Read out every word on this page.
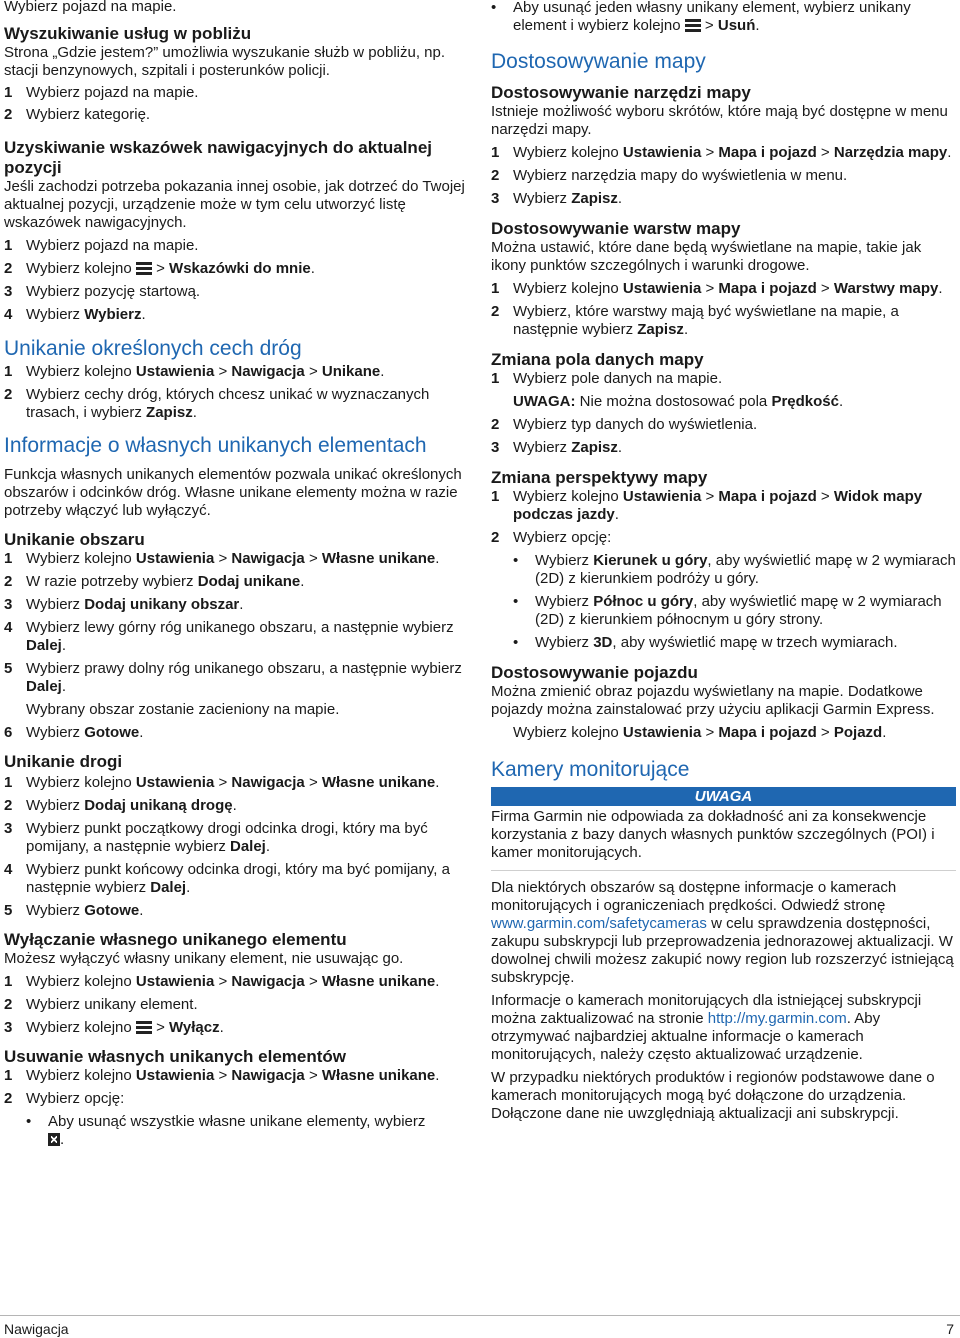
Wybierz pojazd na mapie.
Wyszukiwanie usług w pobliżu
Strona „Gdzie jestem?” umożliwia wyszukanie służb w pobliżu, np. stacji benzynowych, szpitali i posterunków policji.
1 Wybierz pojazd na mapie.
2 Wybierz kategorię.
Uzyskiwanie wskazówek nawigacyjnych do aktualnej pozycji
Jeśli zachodzi potrzeba pokazania innej osobie, jak dotrzeć do Twojej aktualnej pozycji, urządzenie może w tym celu utworzyć listę wskazówek nawigacyjnych.
1 Wybierz pojazd na mapie.
2 Wybierz kolejno > Wskazówki do mnie.
3 Wybierz pozycję startową.
4 Wybierz Wybierz.
Unikanie określonych cech dróg
1 Wybierz kolejno Ustawienia > Nawigacja > Unikane.
2 Wybierz cechy dróg, których chcesz unikać w wyznaczanych trasach, i wybierz Zapisz.
Informacje o własnych unikanych elementach
Funkcja własnych unikanych elementów pozwala unikać określonych obszarów i odcinków dróg. Własne unikane elementy można w razie potrzeby włączyć lub wyłączyć.
Unikanie obszaru
1 Wybierz kolejno Ustawienia > Nawigacja > Własne unikane.
2 W razie potrzeby wybierz Dodaj unikane.
3 Wybierz Dodaj unikany obszar.
4 Wybierz lewy górny róg unikanego obszaru, a następnie wybierz Dalej.
5 Wybierz prawy dolny róg unikanego obszaru, a następnie wybierz Dalej.
Wybrany obszar zostanie zacieniony na mapie.
6 Wybierz Gotowe.
Unikanie drogi
1 Wybierz kolejno Ustawienia > Nawigacja > Własne unikane.
2 Wybierz Dodaj unikaną drogę.
3 Wybierz punkt początkowy drogi odcinka drogi, który ma być pomijany, a następnie wybierz Dalej.
4 Wybierz punkt końcowy odcinka drogi, który ma być pomijany, a następnie wybierz Dalej.
5 Wybierz Gotowe.
Wyłączanie własnego unikanego elementu
Możesz wyłączyć własny unikany element, nie usuwając go.
1 Wybierz kolejno Ustawienia > Nawigacja > Własne unikane.
2 Wybierz unikany element.
3 Wybierz kolejno > Wyłącz.
Usuwanie własnych unikanych elementów
1 Wybierz kolejno Ustawienia > Nawigacja > Własne unikane.
2 Wybierz opcję:
• Aby usunąć wszystkie własne unikane elementy, wybierz
.
• Aby usunąć jeden własny unikany element, wybierz unikany element i wybierz kolejno > Usuń.
Dostosowywanie mapy
Dostosowywanie narzędzi mapy
Istnieje możliwość wyboru skrótów, które mają być dostępne w menu narzędzi mapy.
1 Wybierz kolejno Ustawienia > Mapa i pojazd > Narzędzia mapy.
2 Wybierz narzędzia mapy do wyświetlenia w menu.
3 Wybierz Zapisz.
Dostosowywanie warstw mapy
Można ustawić, które dane będą wyświetlane na mapie, takie jak ikony punktów szczególnych i warunki drogowe.
1 Wybierz kolejno Ustawienia > Mapa i pojazd > Warstwy mapy.
2 Wybierz, które warstwy mają być wyświetlane na mapie, a następnie wybierz Zapisz.
Zmiana pola danych mapy
1 Wybierz pole danych na mapie.
UWAGA: Nie można dostosować pola Prędkość.
2 Wybierz typ danych do wyświetlenia.
3 Wybierz Zapisz.
Zmiana perspektywy mapy
1 Wybierz kolejno Ustawienia > Mapa i pojazd > Widok mapy podczas jazdy.
2 Wybierz opcję:
• Wybierz Kierunek u góry, aby wyświetlić mapę w 2 wymiarach (2D) z kierunkiem podróży u góry.
• Wybierz Północ u góry, aby wyświetlić mapę w 2 wymiarach (2D) z kierunkiem północnym u góry strony.
• Wybierz 3D, aby wyświetlić mapę w trzech wymiarach.
Dostosowywanie pojazdu
Można zmienić obraz pojazdu wyświetlany na mapie. Dodatkowe pojazdy można zainstalować przy użyciu aplikacji Garmin Express.
Wybierz kolejno Ustawienia > Mapa i pojazd > Pojazd.
Kamery monitorujące
UWAGA
Firma Garmin nie odpowiada za dokładność ani za konsekwencje korzystania z bazy danych własnych punktów szczególnych (POI) i kamer monitorujących.
Dla niektórych obszarów są dostępne informacje o kamerach monitorujących i ograniczeniach prędkości. Odwiedź stronę www.garmin.com/safetycameras w celu sprawdzenia dostępności, zakupu subskrypcji lub przeprowadzenia jednorazowej aktualizacji. W dowolnej chwili możesz zakupić nowy region lub rozszerzyć istniejącą subskrypcję.
Informacje o kamerach monitorujących dla istniejącej subskrypcji można zaktualizować na stronie http://my.garmin.com. Aby otrzymywać najbardziej aktualne informacje o kamerach monitorujących, należy często aktualizować urządzenie.
W przypadku niektórych produktów i regionów podstawowe dane o kamerach monitorujących mogą być dołączone do urządzenia. Dołączone dane nie uwzględniają aktualizacji ani subskrypcji.
Nawigacja	7
